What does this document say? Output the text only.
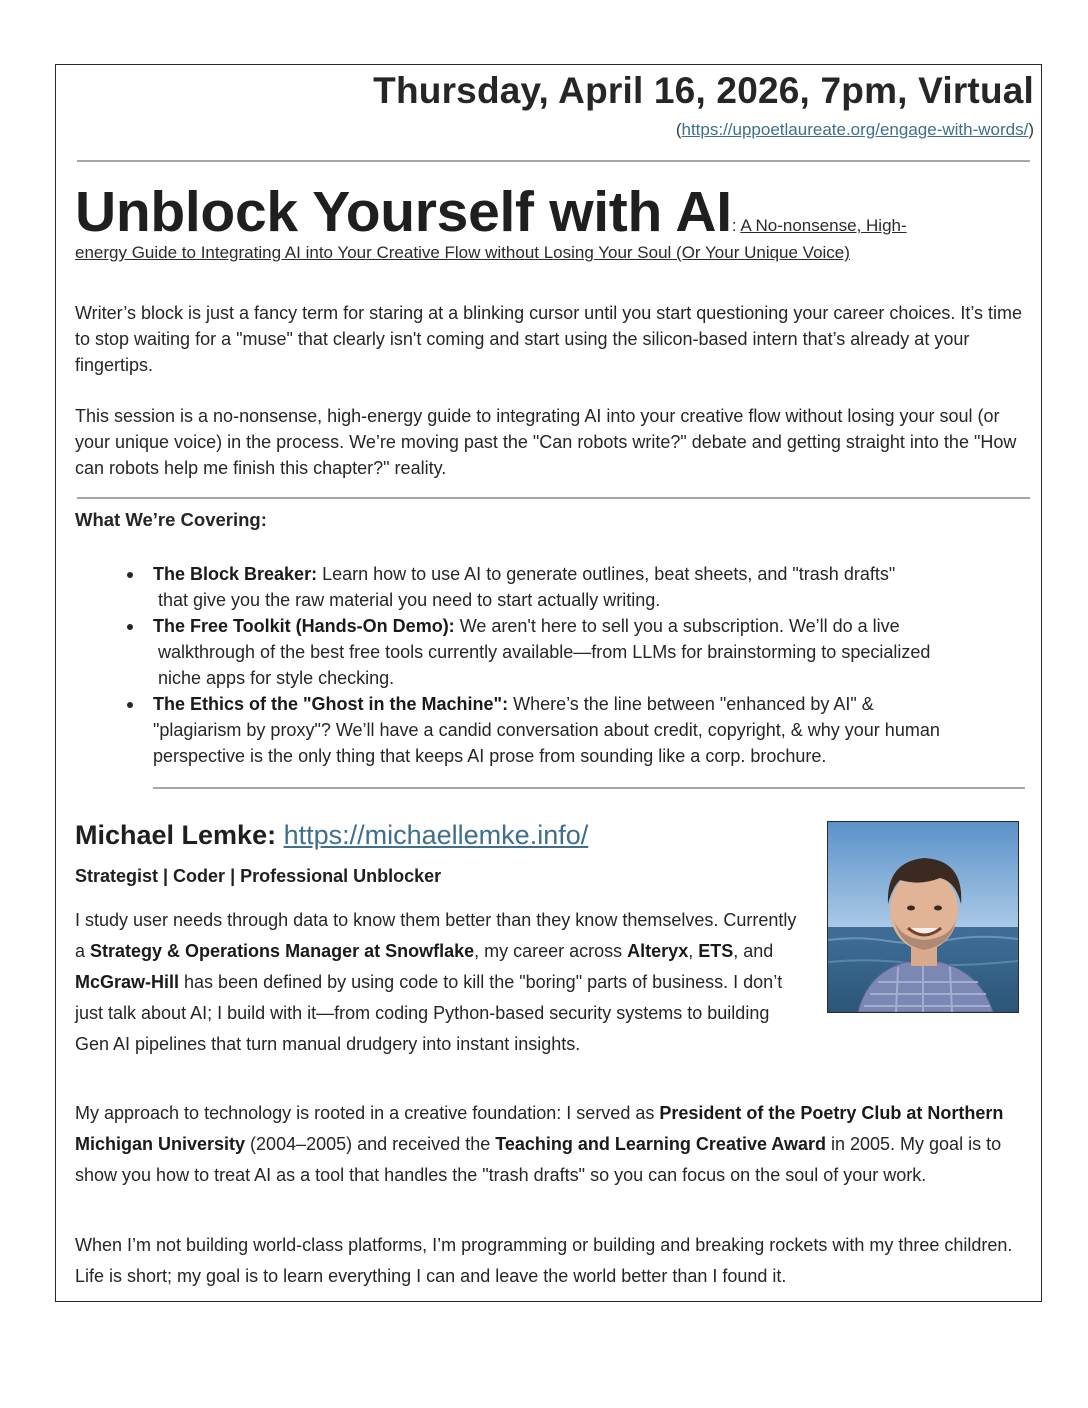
Thursday, April 16, 2026, 7pm, Virtual
(https://uppoetlaureate.org/engage-with-words/)
Unblock Yourself with AI: A No-nonsense, High-
energy Guide to Integrating AI into Your Creative Flow without Losing Your Soul (Or Your Unique Voice)
Writer’s block is just a fancy term for staring at a blinking cursor until you start questioning your career choices. It’s time to stop waiting for a "muse" that clearly isn't coming and start using the silicon-based intern that’s already at your fingertips.
This session is a no-nonsense, high-energy guide to integrating AI into your creative flow without losing your soul (or your unique voice) in the process. We’re moving past the "Can robots write?" debate and getting straight into the "How can robots help me finish this chapter?" reality.
What We’re Covering:
The Block Breaker: Learn how to use AI to generate outlines, beat sheets, and "trash drafts"
that give you the raw material you need to start actually writing.
The Free Toolkit (Hands-On Demo): We aren't here to sell you a subscription. We’ll do a live
walkthrough of the best free tools currently available—from LLMs for brainstorming to specialized niche apps for style checking.
The Ethics of the "Ghost in the Machine": Where’s the line between "enhanced by AI" &
"plagiarism by proxy"? We’ll have a candid conversation about credit, copyright, & why your human perspective is the only thing that keeps AI prose from sounding like a corp. brochure.
Michael Lemke: https://michaellemke.info/
Strategist | Coder | Professional Unblocker
I study user needs through data to know them better than they know themselves. Currently a Strategy & Operations Manager at Snowflake, my career across Alteryx, ETS, and McGraw-Hill has been defined by using code to kill the "boring" parts of business. I don’t just talk about AI; I build with it—from coding Python-based security systems to building Gen AI pipelines that turn manual drudgery into instant insights.
My approach to technology is rooted in a creative foundation: I served as President of the Poetry Club at Northern Michigan University (2004–2005) and received the Teaching and Learning Creative Award in 2005. My goal is to show you how to treat AI as a tool that handles the "trash drafts" so you can focus on the soul of your work.
When I’m not building world-class platforms, I’m programming or building and breaking rockets with my three children. Life is short; my goal is to learn everything I can and leave the world better than I found it.
